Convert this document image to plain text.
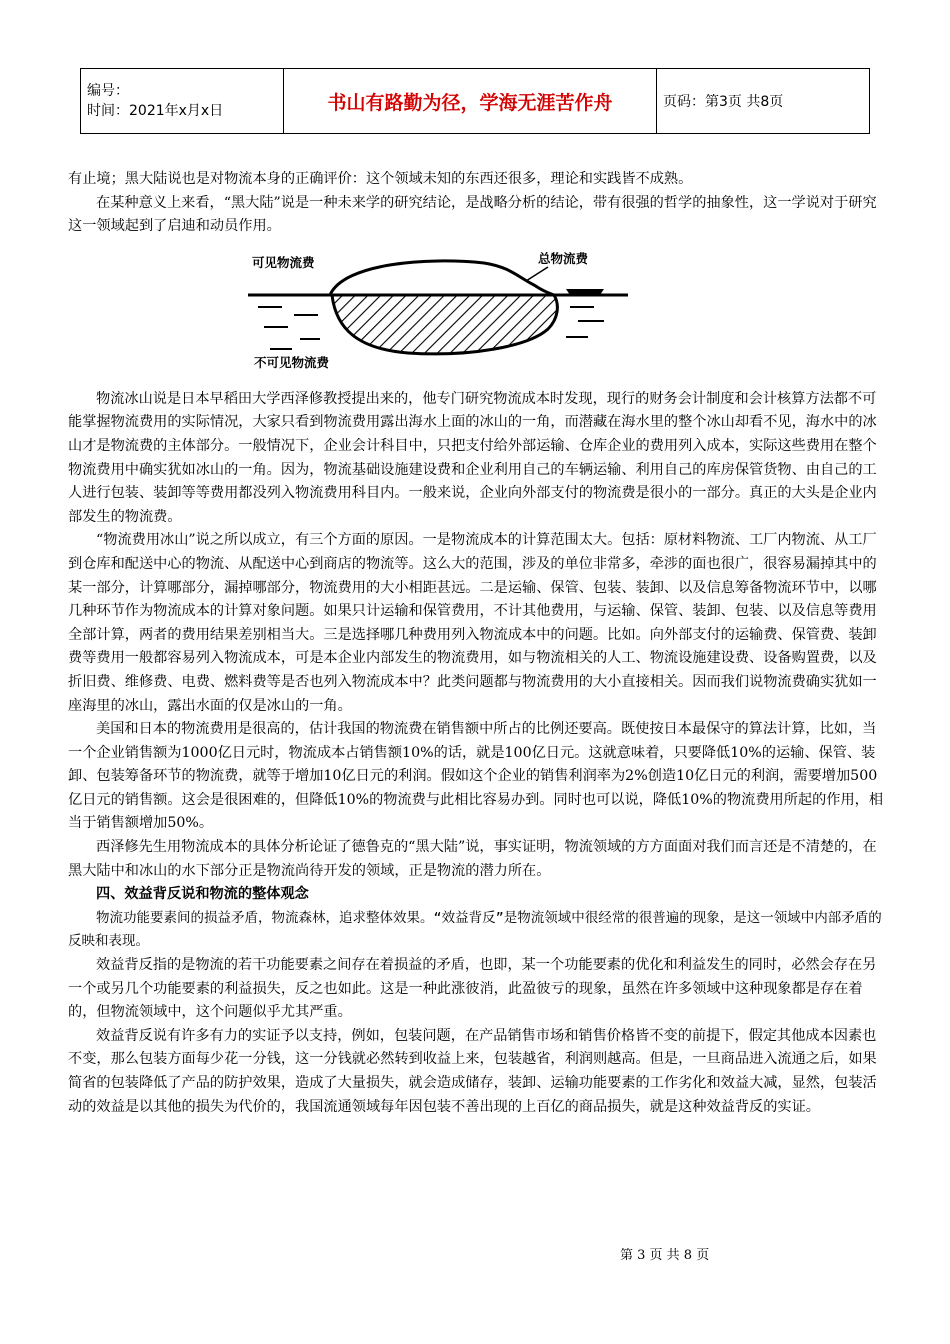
编号：
时间：2021年x月x日	书山有路勤为径，学海无涯苦作舟	页码：第3页 共8页

有止境；黑大陆说也是对物流本身的正确评价：这个领域未知的东西还很多，理论和实践皆不成熟。

在某种意义上来看，“黑大陆”说是一种未来学的研究结论，是战略分析的结论，带有很强的哲学的抽象性，这一学说对于研究这一领域起到了启迪和动员作用。

可见物流费	总物流费
不可见物流费

物流冰山说是日本早稻田大学西泽修教授提出来的，他专门研究物流成本时发现，现行的财务会计制度和会计核算方法都不可能掌握物流费用的实际情况，大家只看到物流费用露出海水上面的冰山的一角，而潜藏在海水里的整个冰山却看不见，海水中的冰山才是物流费的主体部分。一般情况下，企业会计科目中，只把支付给外部运输、仓库企业的费用列入成本，实际这些费用在整个物流费用中确实犹如冰山的一角。因为，物流基础设施建设费和企业利用自己的车辆运输、利用自己的库房保管货物、由自己的工人进行包装、装卸等等费用都没列入物流费用科目内。一般来说，企业向外部支付的物流费是很小的一部分。真正的大头是企业内部发生的物流费。

“物流费用冰山”说之所以成立，有三个方面的原因。一是物流成本的计算范围太大。包括：原材料物流、工厂内物流、从工厂到仓库和配送中心的物流、从配送中心到商店的物流等。这么大的范围，涉及的单位非常多，牵涉的面也很广，很容易漏掉其中的某一部分，计算哪部分，漏掉哪部分，物流费用的大小相距甚远。二是运输、保管、包装、装卸、以及信息筹备物流环节中，以哪几种环节作为物流成本的计算对象问题。如果只计运输和保管费用，不计其他费用，与运输、保管、装卸、包装、以及信息等费用全部计算，两者的费用结果差别相当大。三是选择哪几种费用列入物流成本中的问题。比如。向外部支付的运输费、保管费、装卸费等费用一般都容易列入物流成本，可是本企业内部发生的物流费用，如与物流相关的人工、物流设施建设费、设备购置费，以及折旧费、维修费、电费、燃料费等是否也列入物流成本中？此类问题都与物流费用的大小直接相关。因而我们说物流费确实犹如一座海里的冰山，露出水面的仅是冰山的一角。

美国和日本的物流费用是很高的，估计我国的物流费在销售额中所占的比例还要高。既使按日本最保守的算法计算，比如，当一个企业销售额为1000亿日元时，物流成本占销售额10%的话，就是100亿日元。这就意味着，只要降低10%的运输、保管、装卸、包装筹备环节的物流费，就等于增加10亿日元的利润。假如这个企业的销售利润率为2%创造10亿日元的利润，需要增加500亿日元的销售额。这会是很困难的，但降低10%的物流费与此相比容易办到。同时也可以说，降低10%的物流费用所起的作用，相当于销售额增加50%。

西泽修先生用物流成本的具体分析论证了德鲁克的“黑大陆”说，事实证明，物流领域的方方面面对我们而言还是不清楚的，在黑大陆中和冰山的水下部分正是物流尚待开发的领域，正是物流的潜力所在。

四、效益背反说和物流的整体观念

物流功能要素间的损益矛盾，物流森林，追求整体效果。“效益背反”是物流领域中很经常的很普遍的现象，是这一领域中内部矛盾的反映和表现。

效益背反指的是物流的若干功能要素之间存在着损益的矛盾，也即，某一个功能要素的优化和利益发生的同时，必然会存在另一个或另几个功能要素的利益损失，反之也如此。这是一种此涨彼消，此盈彼亏的现象，虽然在许多领域中这种现象都是存在着的，但物流领域中，这个问题似乎尤其严重。

效益背反说有许多有力的实证予以支持，例如，包装问题，在产品销售市场和销售价格皆不变的前提下，假定其他成本因素也不变，那么包装方面每少花一分钱，这一分钱就必然转到收益上来，包装越省，利润则越高。但是，一旦商品进入流通之后，如果简省的包装降低了产品的防护效果，造成了大量损失，就会造成储存，装卸、运输功能要素的工作劣化和效益大减，显然，包装活动的效益是以其他的损失为代价的，我国流通领域每年因包装不善出现的上百亿的商品损失，就是这种效益背反的实证。

第 3 页 共 8 页
